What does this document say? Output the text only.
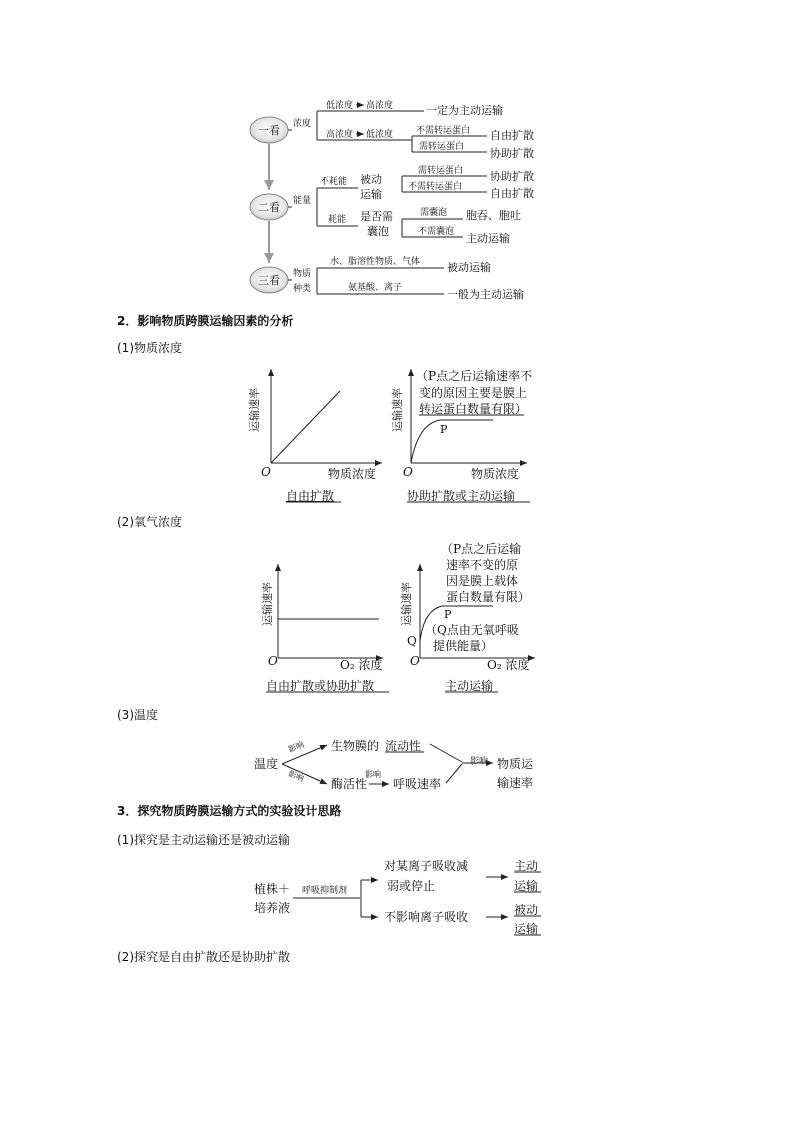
一看
二看
三看
浓度
低浓度 高浓度	一定为主动运输
高浓度 低浓度	不需转运蛋白
需转运蛋白
自由扩散
协助扩散
能量
不耗能
耗能
被动
运输
需转运蛋白
不需转运蛋白
协助扩散
自由扩散
是否需
囊泡
需囊泡
不需囊泡
胞吞、胞吐
主动运输
物质
种类
水、脂溶性物质、气体
氨基酸、离子
被动运输
一般为主动运输
2．影响物质跨膜运输因素的分析
(1)物质浓度
运输速率
O	物质浓度
自由扩散
运输速率
O	物质浓度
P
（P点之后运输速率不
变的原因主要是膜上
转运蛋白数量有限）
协助扩散或主动运输
(2)氧气浓度
运输速率
O	O₂ 浓度
自由扩散或协助扩散
运输速率
O	O₂ 浓度
Q
P
（P点之后运输
速率不变的原
因是膜上载体
蛋白数量有限）
（Q点由无氧呼吸
提供能量）
主动运输
(3)温度
温度
影响
影响
生物膜的 流动性
酶活性
影响
呼吸速率
影响 物质运
输速率
3．探究物质跨膜运输方式的实验设计思路
(1)探究是主动运输还是被动运输
植株＋
培养液
呼吸抑制剂
对某离子吸收减
弱或停止
主动
运输
不影响离子吸收	被动
运输
(2)探究是自由扩散还是协助扩散
